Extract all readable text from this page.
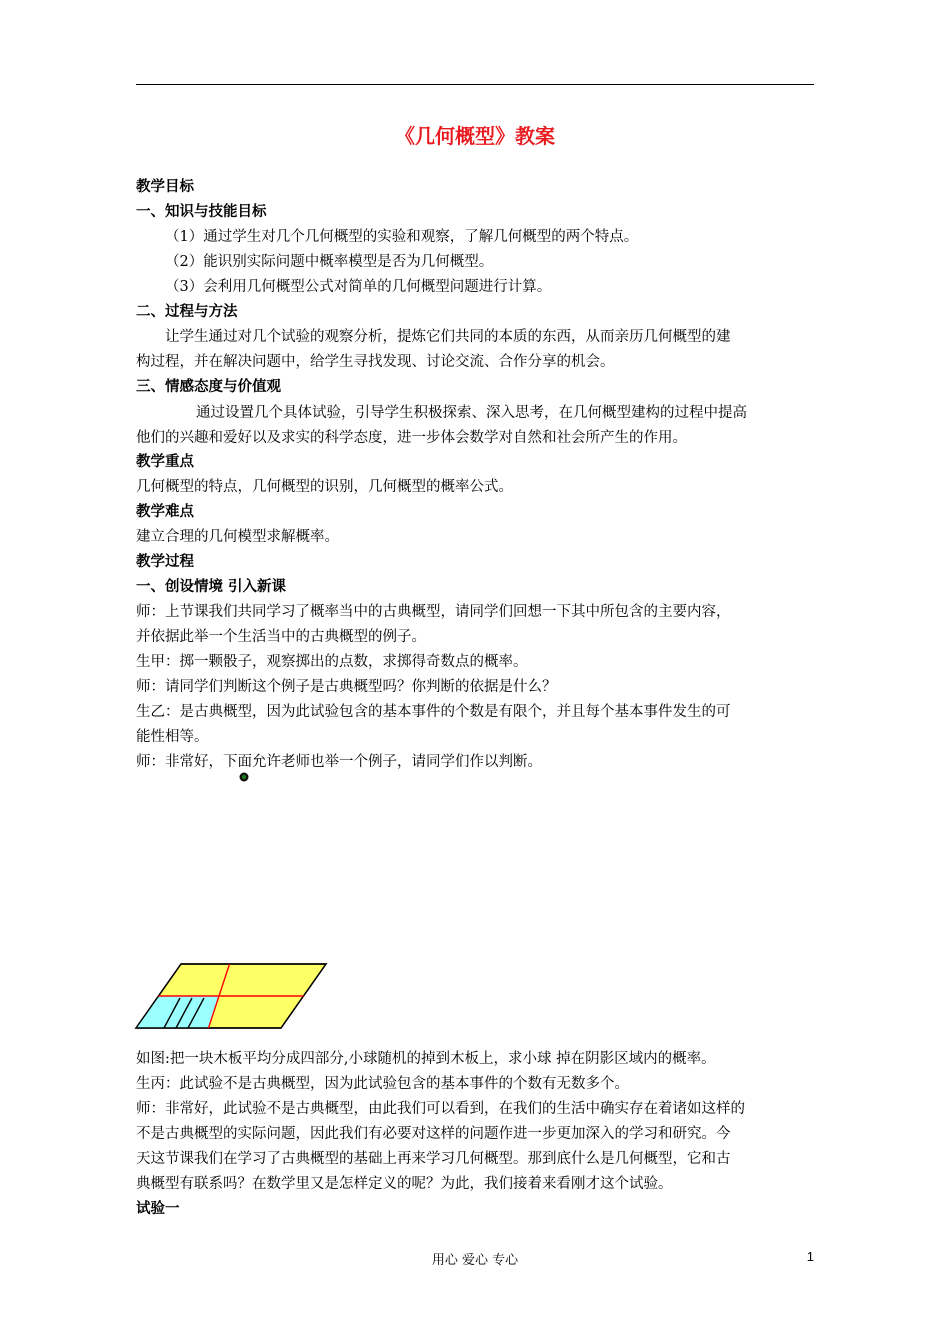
《几何概型》教案
教学目标
一、知识与技能目标
（1）通过学生对几个几何概型的实验和观察，了解几何概型的两个特点。
（2）能识别实际问题中概率模型是否为几何概型。
（3）会利用几何概型公式对简单的几何概型问题进行计算。
二、过程与方法
让学生通过对几个试验的观察分析，提炼它们共同的本质的东西，从而亲历几何概型的建
构过程，并在解决问题中，给学生寻找发现、讨论交流、合作分享的机会。
三、情感态度与价值观
通过设置几个具体试验，引导学生积极探索、深入思考，在几何概型建构的过程中提高
他们的兴趣和爱好以及求实的科学态度，进一步体会数学对自然和社会所产生的作用。
教学重点
几何概型的特点，几何概型的识别，几何概型的概率公式。
教学难点
建立合理的几何模型求解概率。
教学过程
一、创设情境 引入新课
师：上节课我们共同学习了概率当中的古典概型，请同学们回想一下其中所包含的主要内容，
并依据此举一个生活当中的古典概型的例子。
生甲：掷一颗骰子，观察掷出的点数，求掷得奇数点的概率。
师：请同学们判断这个例子是古典概型吗？你判断的依据是什么？
生乙：是古典概型，因为此试验包含的基本事件的个数是有限个，并且每个基本事件发生的可
能性相等。
师：非常好，下面允许老师也举一个例子，请同学们作以判断。
如图:把一块木板平均分成四部分,小球随机的掉到木板上，求小球 掉在阴影区域内的概率。
生丙：此试验不是古典概型，因为此试验包含的基本事件的个数有无数多个。
师：非常好，此试验不是古典概型，由此我们可以看到，在我们的生活中确实存在着诸如这样的
不是古典概型的实际问题，因此我们有必要对这样的问题作进一步更加深入的学习和研究。今
天这节课我们在学习了古典概型的基础上再来学习几何概型。那到底什么是几何概型，它和古
典概型有联系吗？在数学里又是怎样定义的呢？为此，我们接着来看刚才这个试验。
试验一
用心 爱心 专心	1
